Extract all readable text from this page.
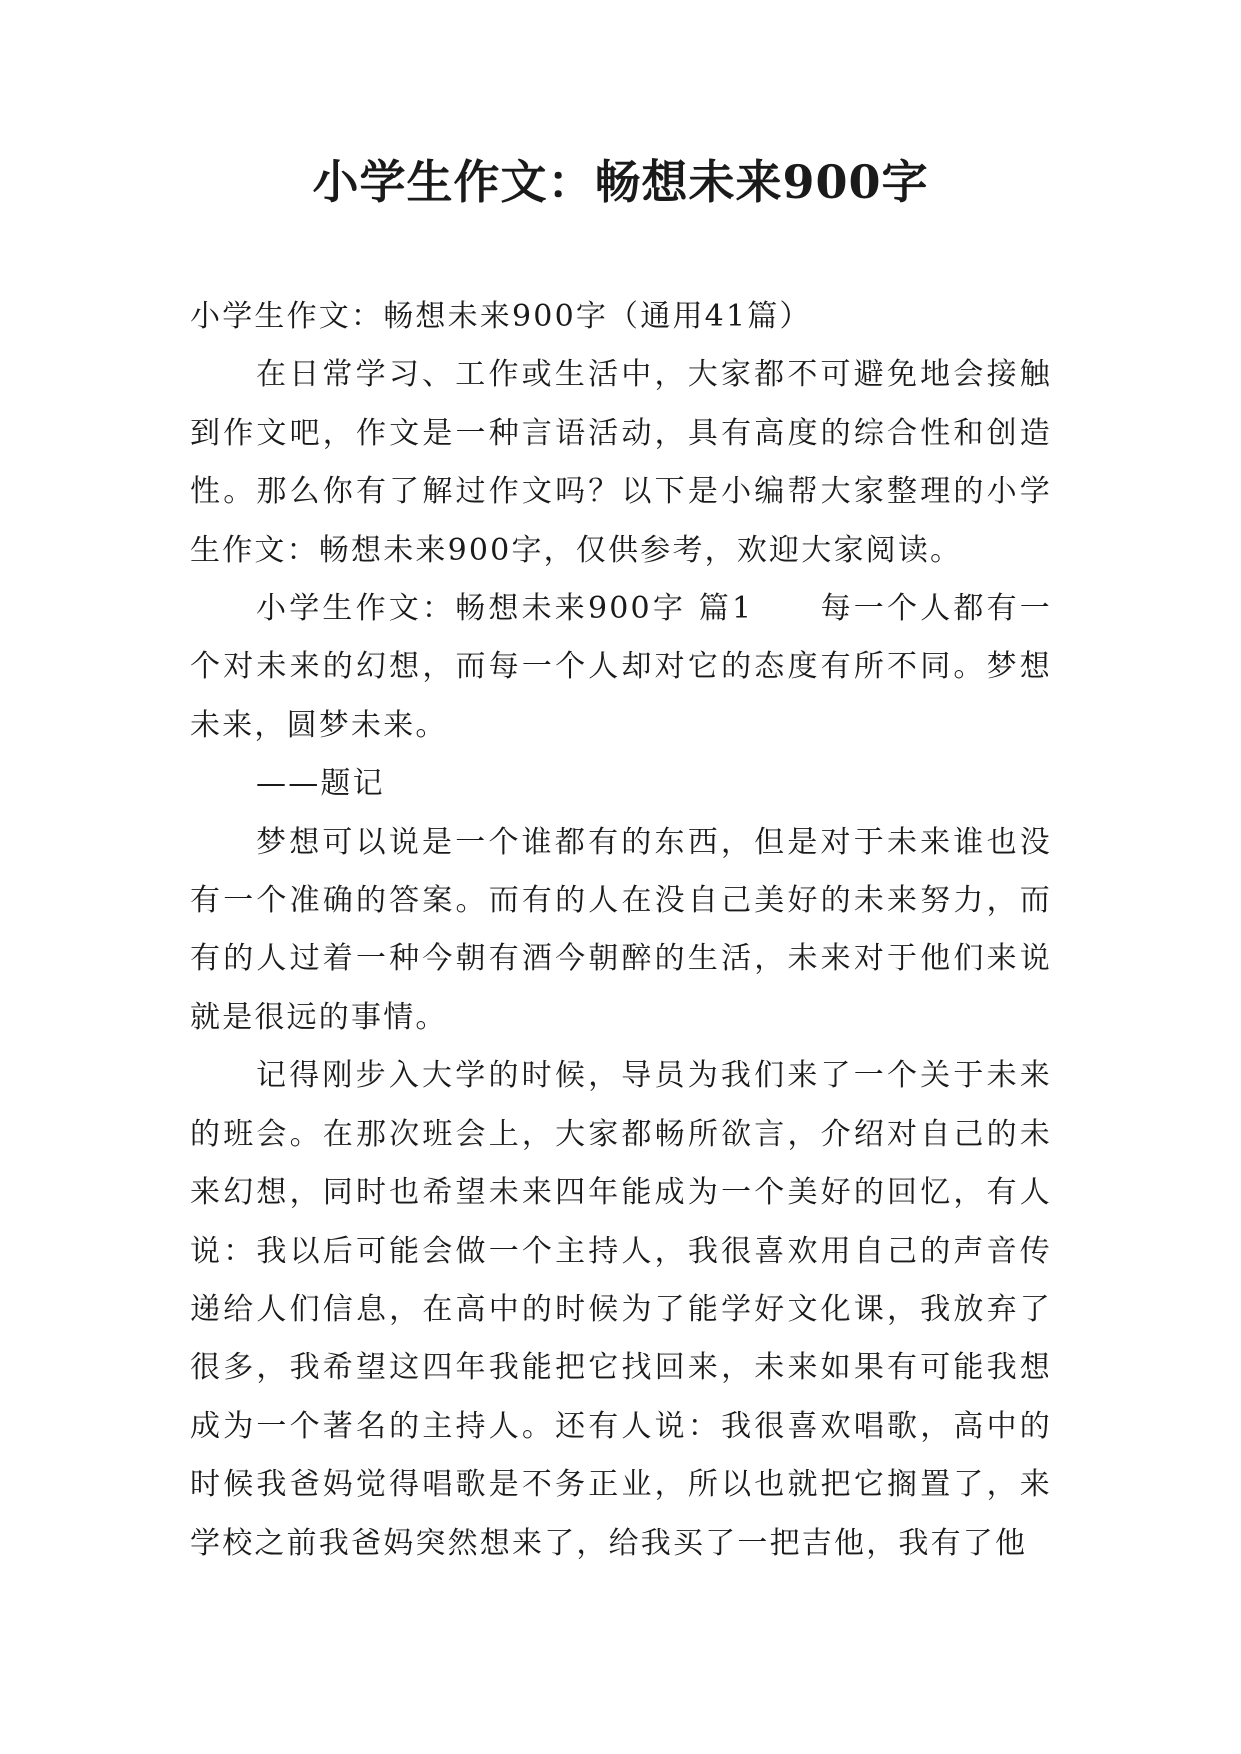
小学生作文：畅想未来900字

小学生作文：畅想未来900字（通用41篇）

在日常学习、工作或生活中，大家都不可避免地会接触到作文吧，作文是一种言语活动，具有高度的综合性和创造性。那么你有了解过作文吗？以下是小编帮大家整理的小学生作文：畅想未来900字，仅供参考，欢迎大家阅读。

小学生作文：畅想未来900字 篇1　　每一个人都有一个对未来的幻想，而每一个人却对它的态度有所不同。梦想未来，圆梦未来。

——题记

梦想可以说是一个谁都有的东西，但是对于未来谁也没有一个准确的答案。而有的人在没自己美好的未来努力，而有的人过着一种今朝有酒今朝醉的生活，未来对于他们来说就是很远的事情。

记得刚步入大学的时候，导员为我们来了一个关于未来的班会。在那次班会上，大家都畅所欲言，介绍对自己的未来幻想，同时也希望未来四年能成为一个美好的回忆，有人说：我以后可能会做一个主持人，我很喜欢用自己的声音传递给人们信息，在高中的时候为了能学好文化课，我放弃了很多，我希望这四年我能把它找回来，未来如果有可能我想成为一个著名的主持人。还有人说：我很喜欢唱歌，高中的时候我爸妈觉得唱歌是不务正业，所以也就把它搁置了，来学校之前我爸妈突然想来了，给我买了一把吉他，我有了他
